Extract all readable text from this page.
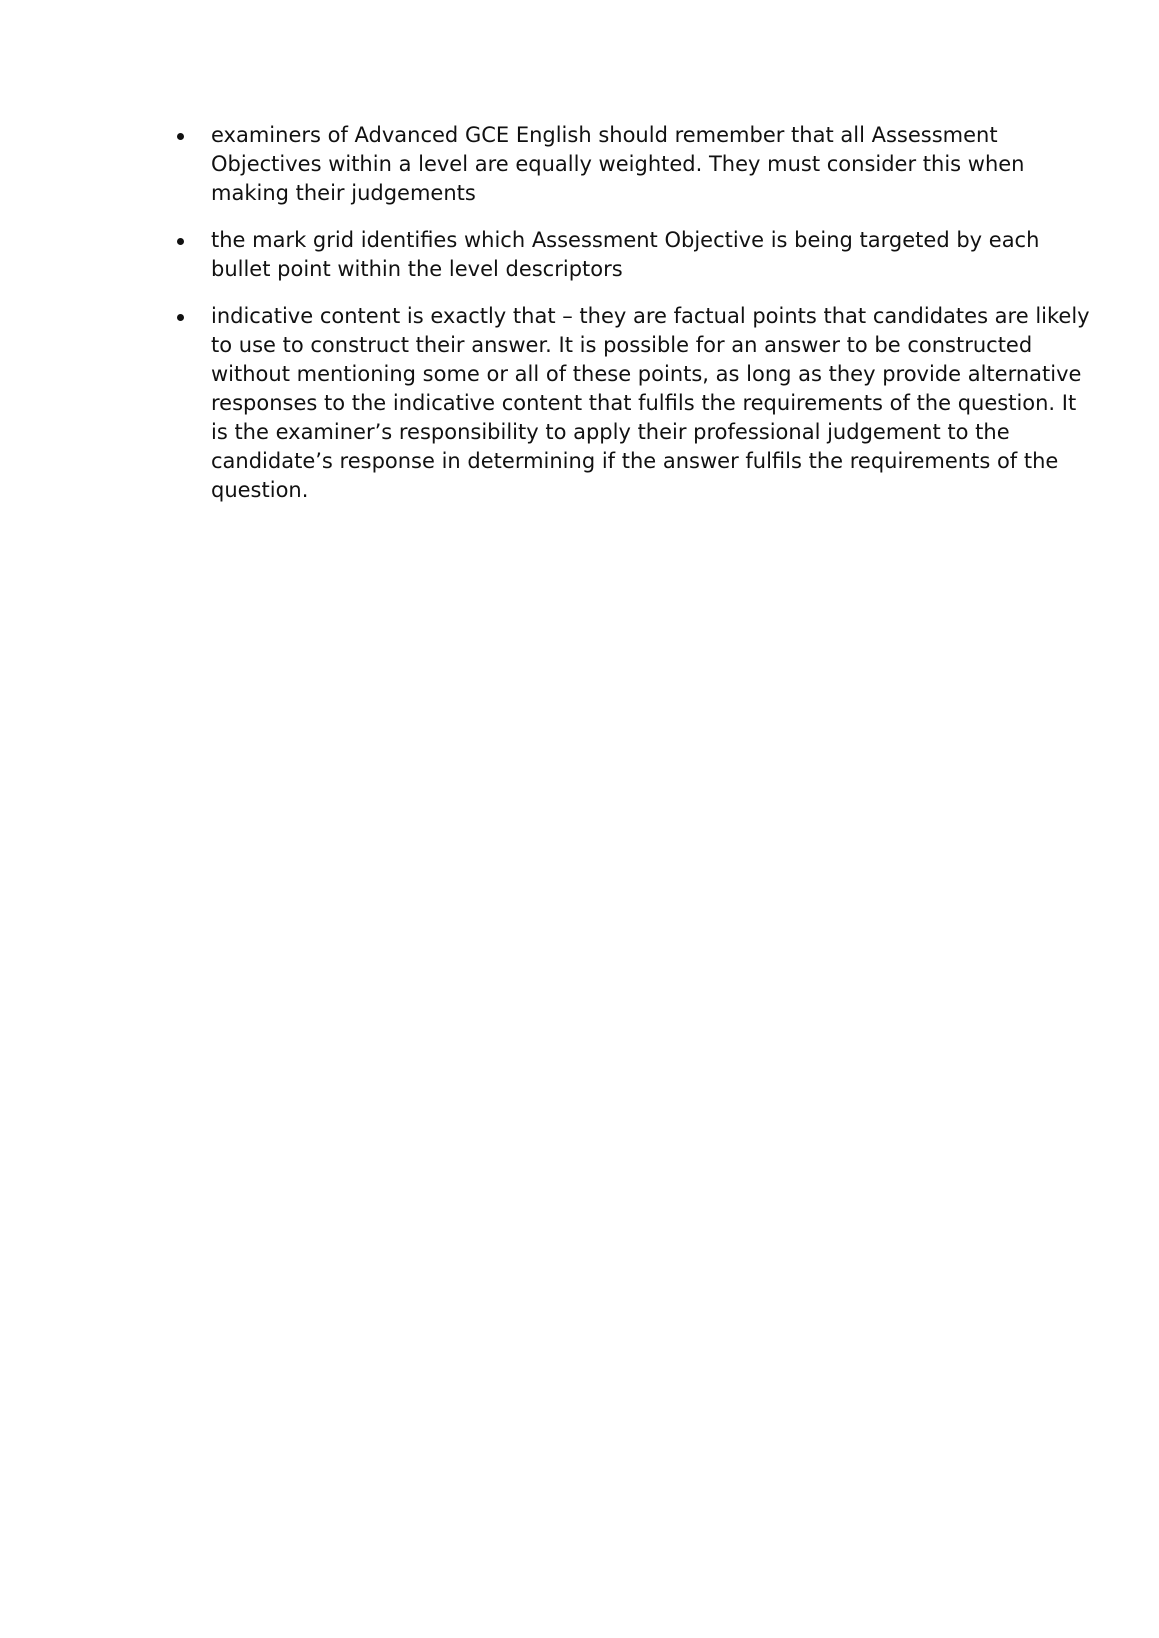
examiners of Advanced GCE English should remember that all Assessment Objectives within a level are equally weighted. They must consider this when making their judgements
the mark grid identifies which Assessment Objective is being targeted by each bullet point within the level descriptors
indicative content is exactly that – they are factual points that candidates are likely to use to construct their answer. It is possible for an answer to be constructed without mentioning some or all of these points, as long as they provide alternative responses to the indicative content that fulfils the requirements of the question. It is the examiner’s responsibility to apply their professional judgement to the candidate’s response in determining if the answer fulfils the requirements of the question.
